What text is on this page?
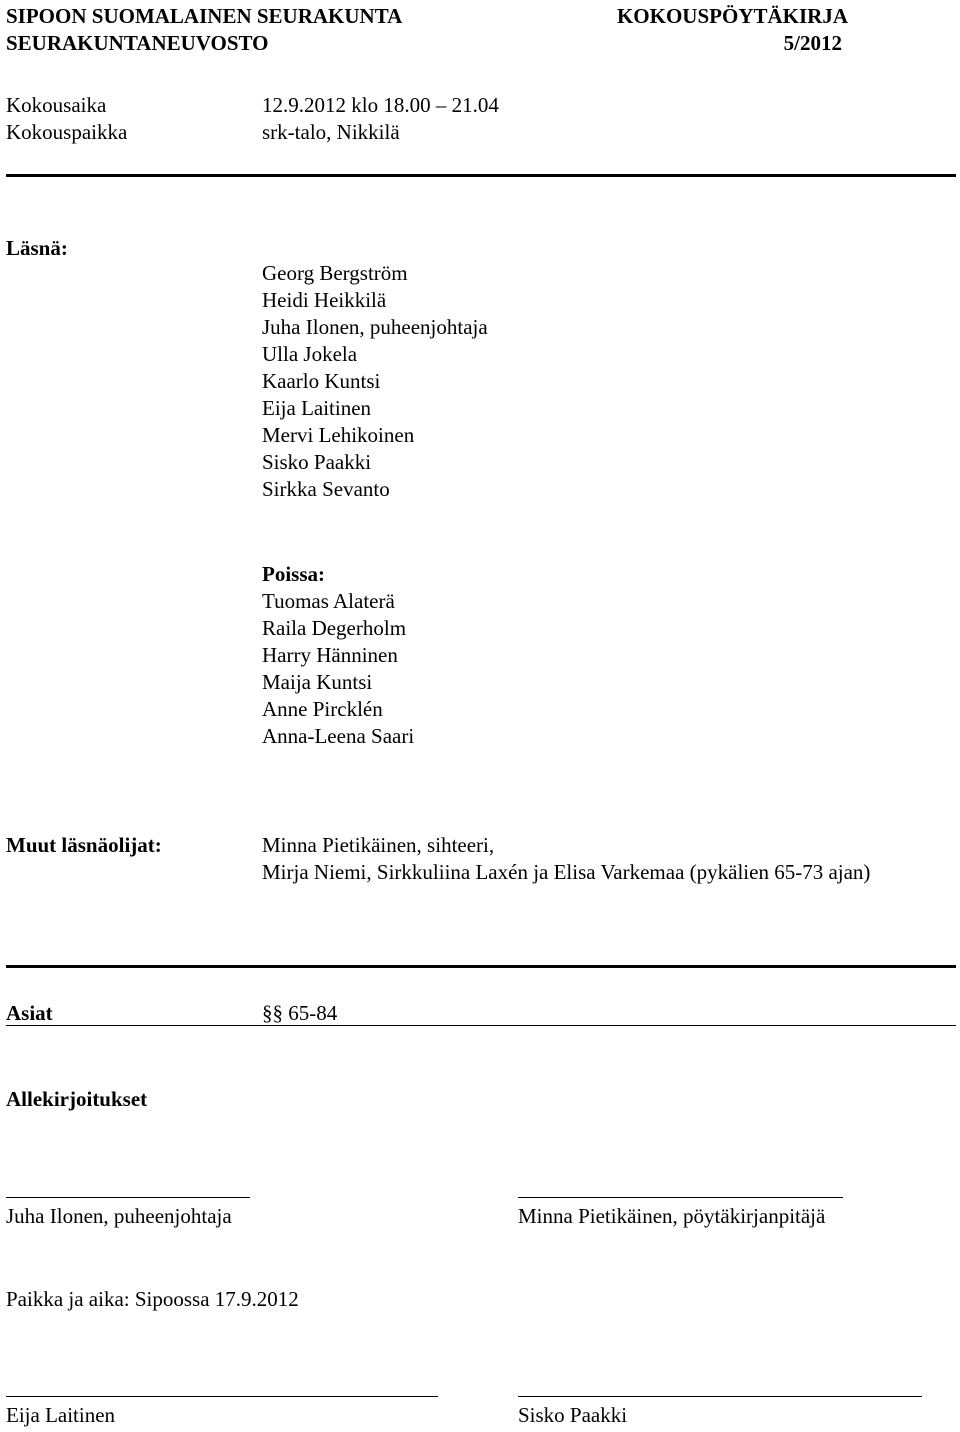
SIPOON SUOMALAINEN SEURAKUNTA	KOKOUSPÖYTÄKIRJA
SEURAKUNTANEUVOSTO	5/2012
Kokousaika	12.9.2012 klo 18.00 – 21.04
Kokouspaikka	srk-talo, Nikkilä
Läsnä:
Georg Bergström
Heidi Heikkilä
Juha Ilonen, puheenjohtaja
Ulla Jokela
Kaarlo Kuntsi
Eija Laitinen
Mervi Lehikoinen
Sisko Paakki
Sirkka Sevanto
Poissa:
Tuomas Alaterä
Raila Degerholm
Harry Hänninen
Maija Kuntsi
Anne Pircklén
Anna-Leena Saari
Muut läsnäolijat:	Minna Pietikäinen, sihteeri,
Mirja Niemi, Sirkkuliina Laxén ja Elisa Varkemaa (pykälien 65-73 ajan)
Asiat	§§ 65-84
Allekirjoitukset
Juha Ilonen, puheenjohtaja	Minna Pietikäinen, pöytäkirjanpitäjä
Paikka ja aika: Sipoossa 17.9.2012
Eija Laitinen	Sisko Paakki
